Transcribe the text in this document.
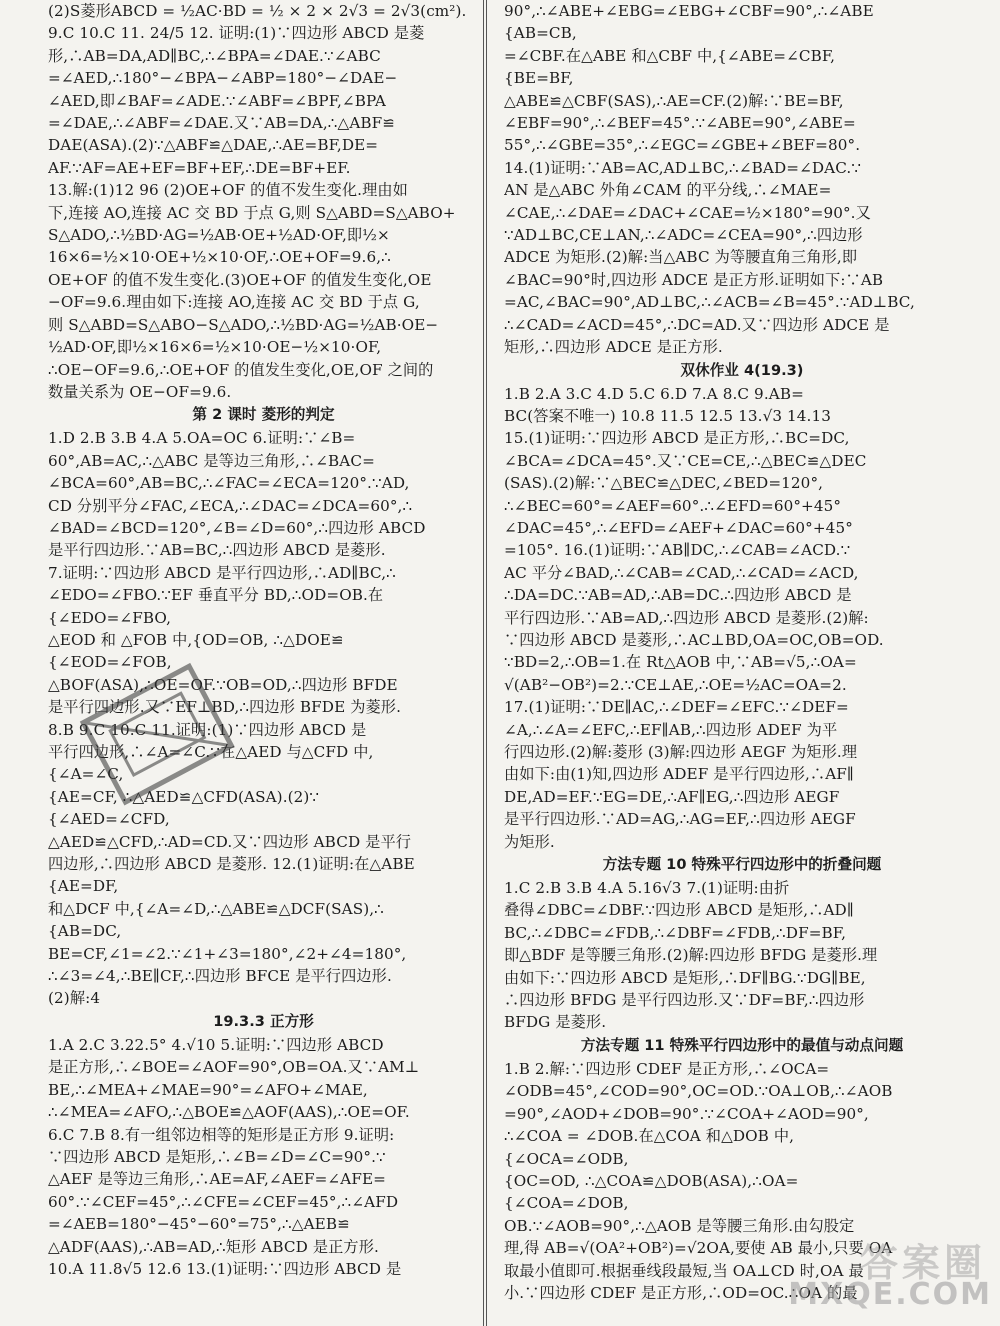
(2)S菱形ABCD = ½AC·BD = ½ × 2 × 2√3 = 2√3(cm²).
9.C 10.C 11. 24/5 12. 证明:(1)∵四边形 ABCD 是菱
形,∴AB=DA,AD∥BC,∴∠BPA=∠DAE.∵∠ABC
=∠AED,∴180°−∠BPA−∠ABP=180°−∠DAE−
∠AED,即∠BAF=∠ADE.∵∠ABF=∠BPF,∠BPA
=∠DAE,∴∠ABF=∠DAE.又∵AB=DA,∴△ABF≌
DAE(ASA).(2)∵△ABF≌△DAE,∴AE=BF,DE=
AF.∵AF=AE+EF=BF+EF,∴DE=BF+EF.
13.解:(1)12 96 (2)OE+OF 的值不发生变化.理由如
下,连接 AO,连接 AC 交 BD 于点 G,则 S△ABD=S△ABO+
S△ADO,∴½BD·AG=½AB·OE+½AD·OF,即½×
16×6=½×10·OE+½×10·OF,∴OE+OF=9.6,∴
OE+OF 的值不发生变化.(3)OE+OF 的值发生变化,OE
−OF=9.6.理由如下:连接 AO,连接 AC 交 BD 于点 G,
则 S△ABD=S△ABO−S△ADO,∴½BD·AG=½AB·OE−
½AD·OF,即½×16×6=½×10·OE−½×10·OF,
∴OE−OF=9.6,∴OE+OF 的值发生变化,OE,OF 之间的
数量关系为 OE−OF=9.6.
第 2 课时 菱形的判定
1.D 2.B 3.B 4.A 5.OA=OC 6.证明:∵∠B=
60°,AB=AC,∴△ABC 是等边三角形,∴∠BAC=
∠BCA=60°,AB=BC,∴∠FAC=∠ECA=120°.∵AD,
CD 分别平分∠FAC,∠ECA,∴∠DAC=∠DCA=60°,∴
∠BAD=∠BCD=120°,∠B=∠D=60°,∴四边形 ABCD
是平行四边形.∵AB=BC,∴四边形 ABCD 是菱形.
7.证明:∵四边形 ABCD 是平行四边形,∴AD∥BC,∴
∠EDO=∠FBO.∵EF 垂直平分 BD,∴OD=OB.在
{∠EDO=∠FBO,
△EOD 和 △FOB 中,{OD=OB, ∴△DOE≌
{∠EOD=∠FOB,
△BOF(ASA),∴OE=OF.∵OB=OD,∴四边形 BFDE
是平行四边形.又∵EF⊥BD,∴四边形 BFDE 为菱形.
8.B 9.C 10.C 11.证明:(1)∵四边形 ABCD 是
平行四边形,∴∠A=∠C.∵在△AED 与△CFD 中,
{∠A=∠C,
{AE=CF, ∴△AED≌△CFD(ASA).(2)∵
{∠AED=∠CFD,
△AED≌△CFD,∴AD=CD.又∵四边形 ABCD 是平行
四边形,∴四边形 ABCD 是菱形. 12.(1)证明:在△ABE
{AE=DF,
和△DCF 中,{∠A=∠D,∴△ABE≌△DCF(SAS),∴
{AB=DC,
BE=CF,∠1=∠2.∵∠1+∠3=180°,∠2+∠4=180°,
∴∠3=∠4,∴BE∥CF,∴四边形 BFCE 是平行四边形.
(2)解:4
19.3.3 正方形
1.A 2.C 3.22.5° 4.√10 5.证明:∵四边形 ABCD
是正方形,∴∠BOE=∠AOF=90°,OB=OA.又∵AM⊥
BE,∴∠MEA+∠MAE=90°=∠AFO+∠MAE,
∴∠MEA=∠AFO,∴△BOE≌△AOF(AAS),∴OE=OF.
6.C 7.B 8.有一组邻边相等的矩形是正方形 9.证明:
∵四边形 ABCD 是矩形,∴∠B=∠D=∠C=90°.∵
△AEF 是等边三角形,∴AE=AF,∠AEF=∠AFE=
60°.∵∠CEF=45°,∴∠CFE=∠CEF=45°,∴∠AFD
=∠AEB=180°−45°−60°=75°,∴△AEB≌
△ADF(AAS),∴AB=AD,∴矩形 ABCD 是正方形.
10.A 11.8√5 12.6 13.(1)证明:∵四边形 ABCD 是
90°,∴∠ABE+∠EBG=∠EBG+∠CBF=90°,∴∠ABE
{AB=CB,
=∠CBF.在△ABE 和△CBF 中,{∠ABE=∠CBF,
{BE=BF,
△ABE≌△CBF(SAS),∴AE=CF.(2)解:∵BE=BF,
∠EBF=90°,∴∠BEF=45°.∵∠ABE=90°,∠ABE=
55°,∴∠GBE=35°,∴∠EGC=∠GBE+∠BEF=80°.
14.(1)证明:∵AB=AC,AD⊥BC,∴∠BAD=∠DAC.∵
AN 是△ABC 外角∠CAM 的平分线,∴∠MAE=
∠CAE,∴∠DAE=∠DAC+∠CAE=½×180°=90°.又
∵AD⊥BC,CE⊥AN,∴∠ADC=∠CEA=90°,∴四边形
ADCE 为矩形.(2)解:当△ABC 为等腰直角三角形,即
∠BAC=90°时,四边形 ADCE 是正方形.证明如下:∵AB
=AC,∠BAC=90°,AD⊥BC,∴∠ACB=∠B=45°.∵AD⊥BC,
∴∠CAD=∠ACD=45°,∴DC=AD.又∵四边形 ADCE 是
矩形,∴四边形 ADCE 是正方形.
双休作业 4(19.3)
1.B 2.A 3.C 4.D 5.C 6.D 7.A 8.C 9.AB=
BC(答案不唯一) 10.8 11.5 12.5 13.√3 14.13
15.(1)证明:∵四边形 ABCD 是正方形,∴BC=DC,
∠BCA=∠DCA=45°.又∵CE=CE,∴△BEC≌△DEC
(SAS).(2)解:∵△BEC≌△DEC,∠BED=120°,
∴∠BEC=60°=∠AEF=60°.∴∠EFD=60°+45°
∠DAC=45°,∴∠EFD=∠AEF+∠DAC=60°+45°
=105°. 16.(1)证明:∵AB∥DC,∴∠CAB=∠ACD.∵
AC 平分∠BAD,∴∠CAB=∠CAD,∴∠CAD=∠ACD,
∴DA=DC.∵AB=AD,∴AB=DC.∴四边形 ABCD 是
平行四边形.∵AB=AD,∴四边形 ABCD 是菱形.(2)解:
∵四边形 ABCD 是菱形,∴AC⊥BD,OA=OC,OB=OD.
∵BD=2,∴OB=1.在 Rt△AOB 中,∵AB=√5,∴OA=
√(AB²−OB²)=2.∵CE⊥AE,∴OE=½AC=OA=2.
17.(1)证明:∵DE∥AC,∴∠DEF=∠EFC.∵∠DEF=
∠A,∴∠A=∠EFC,∴EF∥AB,∴四边形 ADEF 为平
行四边形.(2)解:菱形 (3)解:四边形 AEGF 为矩形.理
由如下:由(1)知,四边形 ADEF 是平行四边形,∴AF∥
DE,AD=EF.∵EG=DE,∴AF∥EG,∴四边形 AEGF
是平行四边形.∵AD=AG,∴AG=EF,∴四边形 AEGF
为矩形.
方法专题 10 特殊平行四边形中的折叠问题
1.C 2.B 3.B 4.A 5.16√3 7.(1)证明:由折
叠得∠DBC=∠DBF.∵四边形 ABCD 是矩形,∴AD∥
BC,∴∠DBC=∠FDB,∴∠DBF=∠FDB,∴DF=BF,
即△BDF 是等腰三角形.(2)解:四边形 BFDG 是菱形.理
由如下:∵四边形 ABCD 是矩形,∴DF∥BG.∵DG∥BE,
∴四边形 BFDG 是平行四边形.又∵DF=BF,∴四边形
BFDG 是菱形.
方法专题 11 特殊平行四边形中的最值与动点问题
1.B 2.解:∵四边形 CDEF 是正方形,∴∠OCA=
∠ODB=45°,∠COD=90°,OC=OD.∵OA⊥OB,∴∠AOB
=90°,∠AOD+∠DOB=90°.∵∠COA+∠AOD=90°,
∴∠COA = ∠DOB.在△COA 和△DOB 中,
{∠OCA=∠ODB,
{OC=OD, ∴△COA≌△DOB(ASA),∴OA=
{∠COA=∠DOB,
OB.∵∠AOB=90°,∴△AOB 是等腰三角形.由勾股定
理,得 AB=√(OA²+OB²)=√2OA,要使 AB 最小,只要 OA
取最小值即可.根据垂线段最短,当 OA⊥CD 时,OA 最
小.∵四边形 CDEF 是正方形,∴OD=OC.∴OA 的最
答案圈
MXQE.COM
